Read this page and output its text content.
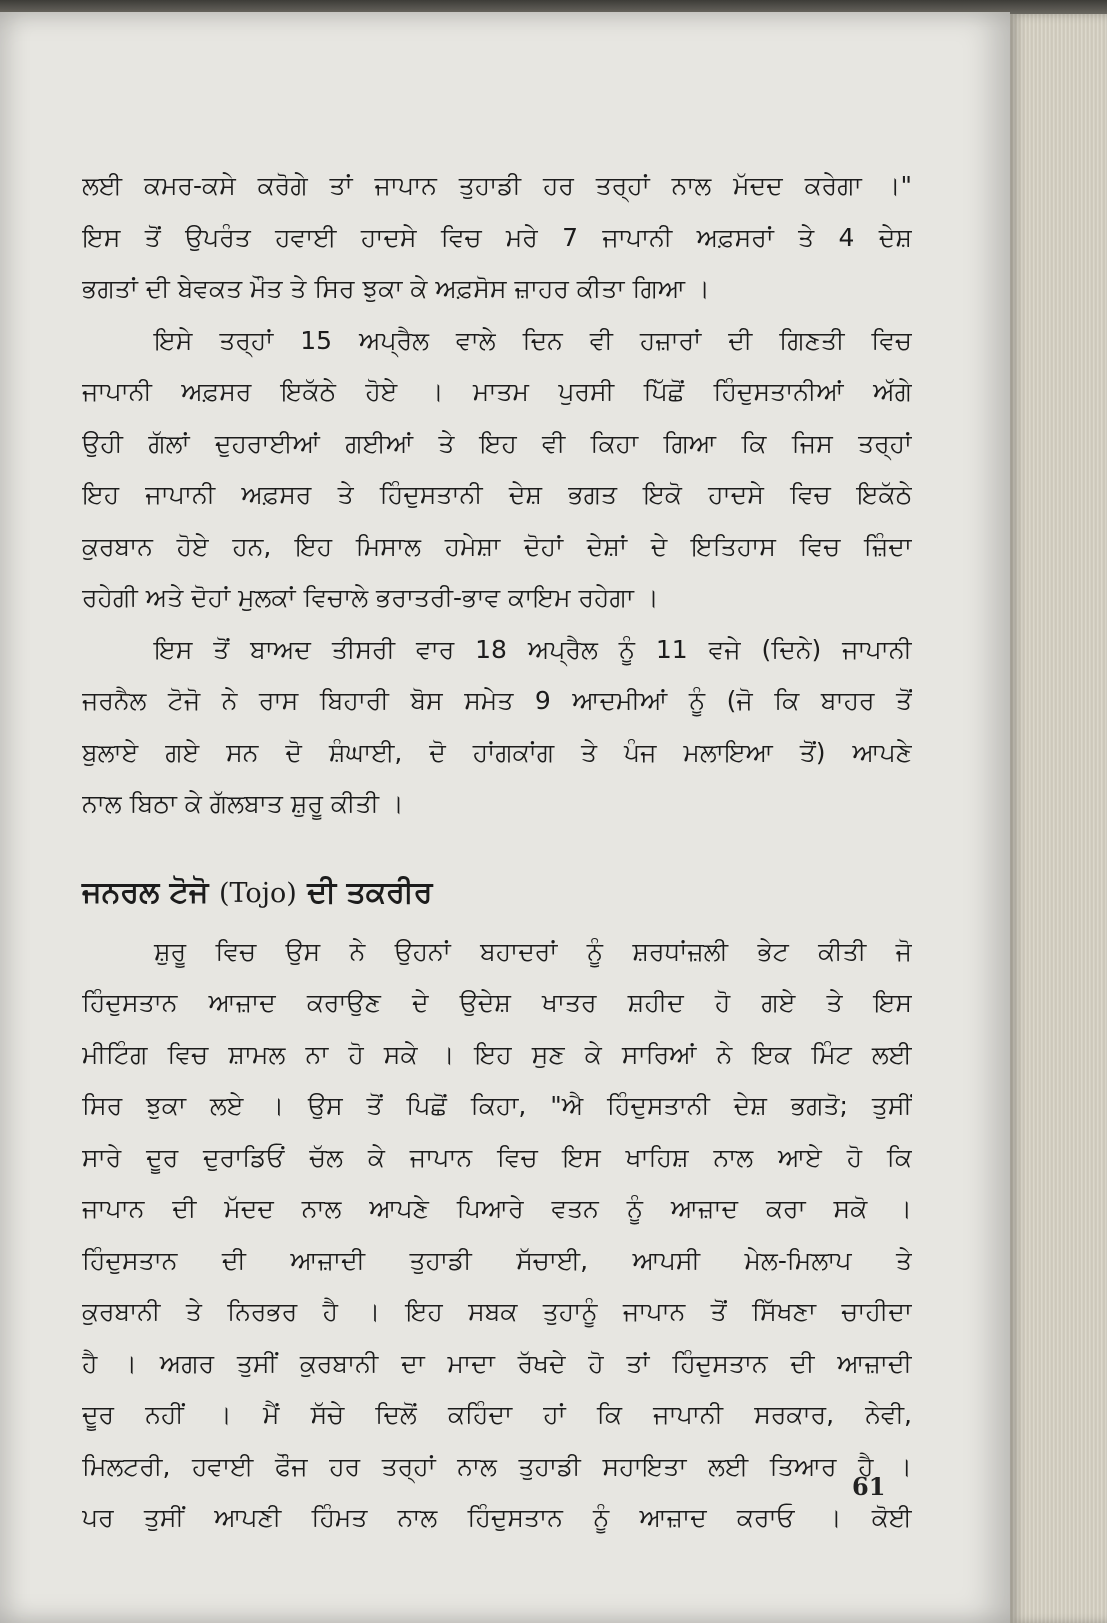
ਲਈ ਕਮਰ-ਕਸੇ ਕਰੋਗੇ ਤਾਂ ਜਾਪਾਨ ਤੁਹਾਡੀ ਹਰ ਤਰ੍ਹਾਂ ਨਾਲ ਮੱਦਦ ਕਰੇਗਾ ।"
ਇਸ ਤੋਂ ਉਪਰੰਤ ਹਵਾਈ ਹਾਦਸੇ ਵਿਚ ਮਰੇ 7 ਜਾਪਾਨੀ ਅਫ਼ਸਰਾਂ ਤੇ 4 ਦੇਸ਼
ਭਗਤਾਂ ਦੀ ਬੇਵਕਤ ਮੌਤ ਤੇ ਸਿਰ ਝੁਕਾ ਕੇ ਅਫ਼ਸੋਸ ਜ਼ਾਹਰ ਕੀਤਾ ਗਿਆ ।
ਇਸੇ ਤਰ੍ਹਾਂ 15 ਅਪ੍ਰੈਲ ਵਾਲੇ ਦਿਨ ਵੀ ਹਜ਼ਾਰਾਂ ਦੀ ਗਿਣਤੀ ਵਿਚ
ਜਾਪਾਨੀ ਅਫ਼ਸਰ ਇਕੱਠੇ ਹੋਏ । ਮਾਤਮ ਪੁਰਸੀ ਪਿੱਛੋਂ ਹਿੰਦੁਸਤਾਨੀਆਂ ਅੱਗੇ
ਉਹੀ ਗੱਲਾਂ ਦੁਹਰਾਈਆਂ ਗਈਆਂ ਤੇ ਇਹ ਵੀ ਕਿਹਾ ਗਿਆ ਕਿ ਜਿਸ ਤਰ੍ਹਾਂ
ਇਹ ਜਾਪਾਨੀ ਅਫ਼ਸਰ ਤੇ ਹਿੰਦੁਸਤਾਨੀ ਦੇਸ਼ ਭਗਤ ਇਕੋ ਹਾਦਸੇ ਵਿਚ ਇਕੱਠੇ
ਕੁਰਬਾਨ ਹੋਏ ਹਨ, ਇਹ ਮਿਸਾਲ ਹਮੇਸ਼ਾ ਦੋਹਾਂ ਦੇਸ਼ਾਂ ਦੇ ਇਤਿਹਾਸ ਵਿਚ ਜ਼ਿੰਦਾ
ਰਹੇਗੀ ਅਤੇ ਦੋਹਾਂ ਮੁਲਕਾਂ ਵਿਚਾਲੇ ਭਰਾਤਰੀ-ਭਾਵ ਕਾਇਮ ਰਹੇਗਾ ।
ਇਸ ਤੋਂ ਬਾਅਦ ਤੀਸਰੀ ਵਾਰ 18 ਅਪ੍ਰੈਲ ਨੂੰ 11 ਵਜੇ (ਦਿਨੇ) ਜਾਪਾਨੀ
ਜਰਨੈਲ ਟੋਜੋ ਨੇ ਰਾਸ ਬਿਹਾਰੀ ਬੋਸ ਸਮੇਤ 9 ਆਦਮੀਆਂ ਨੂੰ (ਜੋ ਕਿ ਬਾਹਰ ਤੋਂ
ਬੁਲਾਏ ਗਏ ਸਨ ਦੋ ਸ਼ੰਘਾਈ, ਦੋ ਹਾਂਗਕਾਂਗ ਤੇ ਪੰਜ ਮਲਾਇਆ ਤੋਂ) ਆਪਣੇ
ਨਾਲ ਬਿਠਾ ਕੇ ਗੱਲਬਾਤ ਸ਼ੁਰੂ ਕੀਤੀ ।
ਜਨਰਲ ਟੋਜੋ (Tojo) ਦੀ ਤਕਰੀਰ
ਸ਼ੁਰੂ ਵਿਚ ਉਸ ਨੇ ਉਹਨਾਂ ਬਹਾਦਰਾਂ ਨੂੰ ਸ਼ਰਧਾਂਜ਼ਲੀ ਭੇਟ ਕੀਤੀ ਜੋ
ਹਿੰਦੁਸਤਾਨ ਆਜ਼ਾਦ ਕਰਾਉਣ ਦੇ ਉਦੇਸ਼ ਖਾਤਰ ਸ਼ਹੀਦ ਹੋ ਗਏ ਤੇ ਇਸ
ਮੀਟਿੰਗ ਵਿਚ ਸ਼ਾਮਲ ਨਾ ਹੋ ਸਕੇ । ਇਹ ਸੁਣ ਕੇ ਸਾਰਿਆਂ ਨੇ ਇਕ ਮਿੰਟ ਲਈ
ਸਿਰ ਝੁਕਾ ਲਏ । ਉਸ ਤੋਂ ਪਿਛੋਂ ਕਿਹਾ, "ਐ ਹਿੰਦੁਸਤਾਨੀ ਦੇਸ਼ ਭਗਤੋ; ਤੁਸੀਂ
ਸਾਰੇ ਦੂਰ ਦੁਰਾਡਿਓਂ ਚੱਲ ਕੇ ਜਾਪਾਨ ਵਿਚ ਇਸ ਖਾਹਿਸ਼ ਨਾਲ ਆਏ ਹੋ ਕਿ
ਜਾਪਾਨ ਦੀ ਮੱਦਦ ਨਾਲ ਆਪਣੇ ਪਿਆਰੇ ਵਤਨ ਨੂੰ ਆਜ਼ਾਦ ਕਰਾ ਸਕੋ ।
ਹਿੰਦੁਸਤਾਨ ਦੀ ਆਜ਼ਾਦੀ ਤੁਹਾਡੀ ਸੱਚਾਈ, ਆਪਸੀ ਮੇਲ-ਮਿਲਾਪ ਤੇ
ਕੁਰਬਾਨੀ ਤੇ ਨਿਰਭਰ ਹੈ । ਇਹ ਸਬਕ ਤੁਹਾਨੂੰ ਜਾਪਾਨ ਤੋਂ ਸਿੱਖਣਾ ਚਾਹੀਦਾ
ਹੈ । ਅਗਰ ਤੁਸੀਂ ਕੁਰਬਾਨੀ ਦਾ ਮਾਦਾ ਰੱਖਦੇ ਹੋ ਤਾਂ ਹਿੰਦੁਸਤਾਨ ਦੀ ਆਜ਼ਾਦੀ
ਦੂਰ ਨਹੀਂ । ਮੈਂ ਸੱਚੇ ਦਿਲੋਂ ਕਹਿੰਦਾ ਹਾਂ ਕਿ ਜਾਪਾਨੀ ਸਰਕਾਰ, ਨੇਵੀ,
ਮਿਲਟਰੀ, ਹਵਾਈ ਫੌਜ ਹਰ ਤਰ੍ਹਾਂ ਨਾਲ ਤੁਹਾਡੀ ਸਹਾਇਤਾ ਲਈ ਤਿਆਰ ਹੈ ।
ਪਰ ਤੁਸੀਂ ਆਪਣੀ ਹਿੰਮਤ ਨਾਲ ਹਿੰਦੁਸਤਾਨ ਨੂੰ ਆਜ਼ਾਦ ਕਰਾਓ । ਕੋਈ
61
